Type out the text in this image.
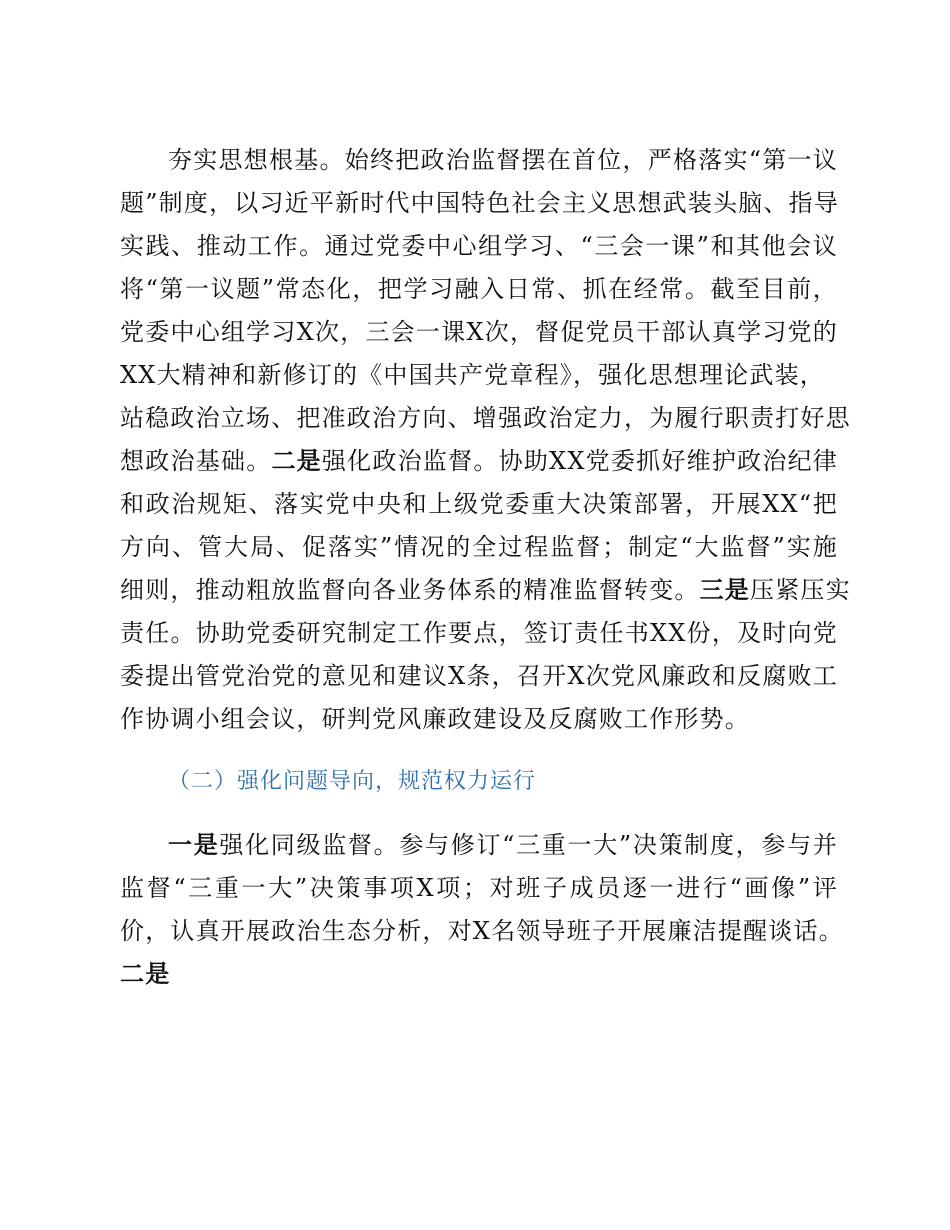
夯实思想根基。始终把政治监督摆在首位，严格落实“第一议
题”制度，以习近平新时代中国特色社会主义思想武装头脑、指导
实践、推动工作。通过党委中心组学习、“三会一课”和其他会议
将“第一议题”常态化，把学习融入日常、抓在经常。截至目前，
党委中心组学习X次，三会一课X次，督促党员干部认真学习党的
XX大精神和新修订的《中国共产党章程》，强化思想理论武装，
站稳政治立场、把准政治方向、增强政治定力，为履行职责打好思
想政治基础。二是强化政治监督。协助XX党委抓好维护政治纪律
和政治规矩、落实党中央和上级党委重大决策部署，开展XX“把
方向、管大局、促落实”情况的全过程监督；制定“大监督”实施
细则，推动粗放监督向各业务体系的精准监督转变。三是压紧压实
责任。协助党委研究制定工作要点，签订责任书XX份，及时向党
委提出管党治党的意见和建议X条，召开X次党风廉政和反腐败工
作协调小组会议，研判党风廉政建设及反腐败工作形势。
（二）强化问题导向，规范权力运行
一是强化同级监督。参与修订“三重一大”决策制度，参与并
监督“三重一大”决策事项X项；对班子成员逐一进行“画像”评
价，认真开展政治生态分析，对X名领导班子开展廉洁提醒谈话。
二是
